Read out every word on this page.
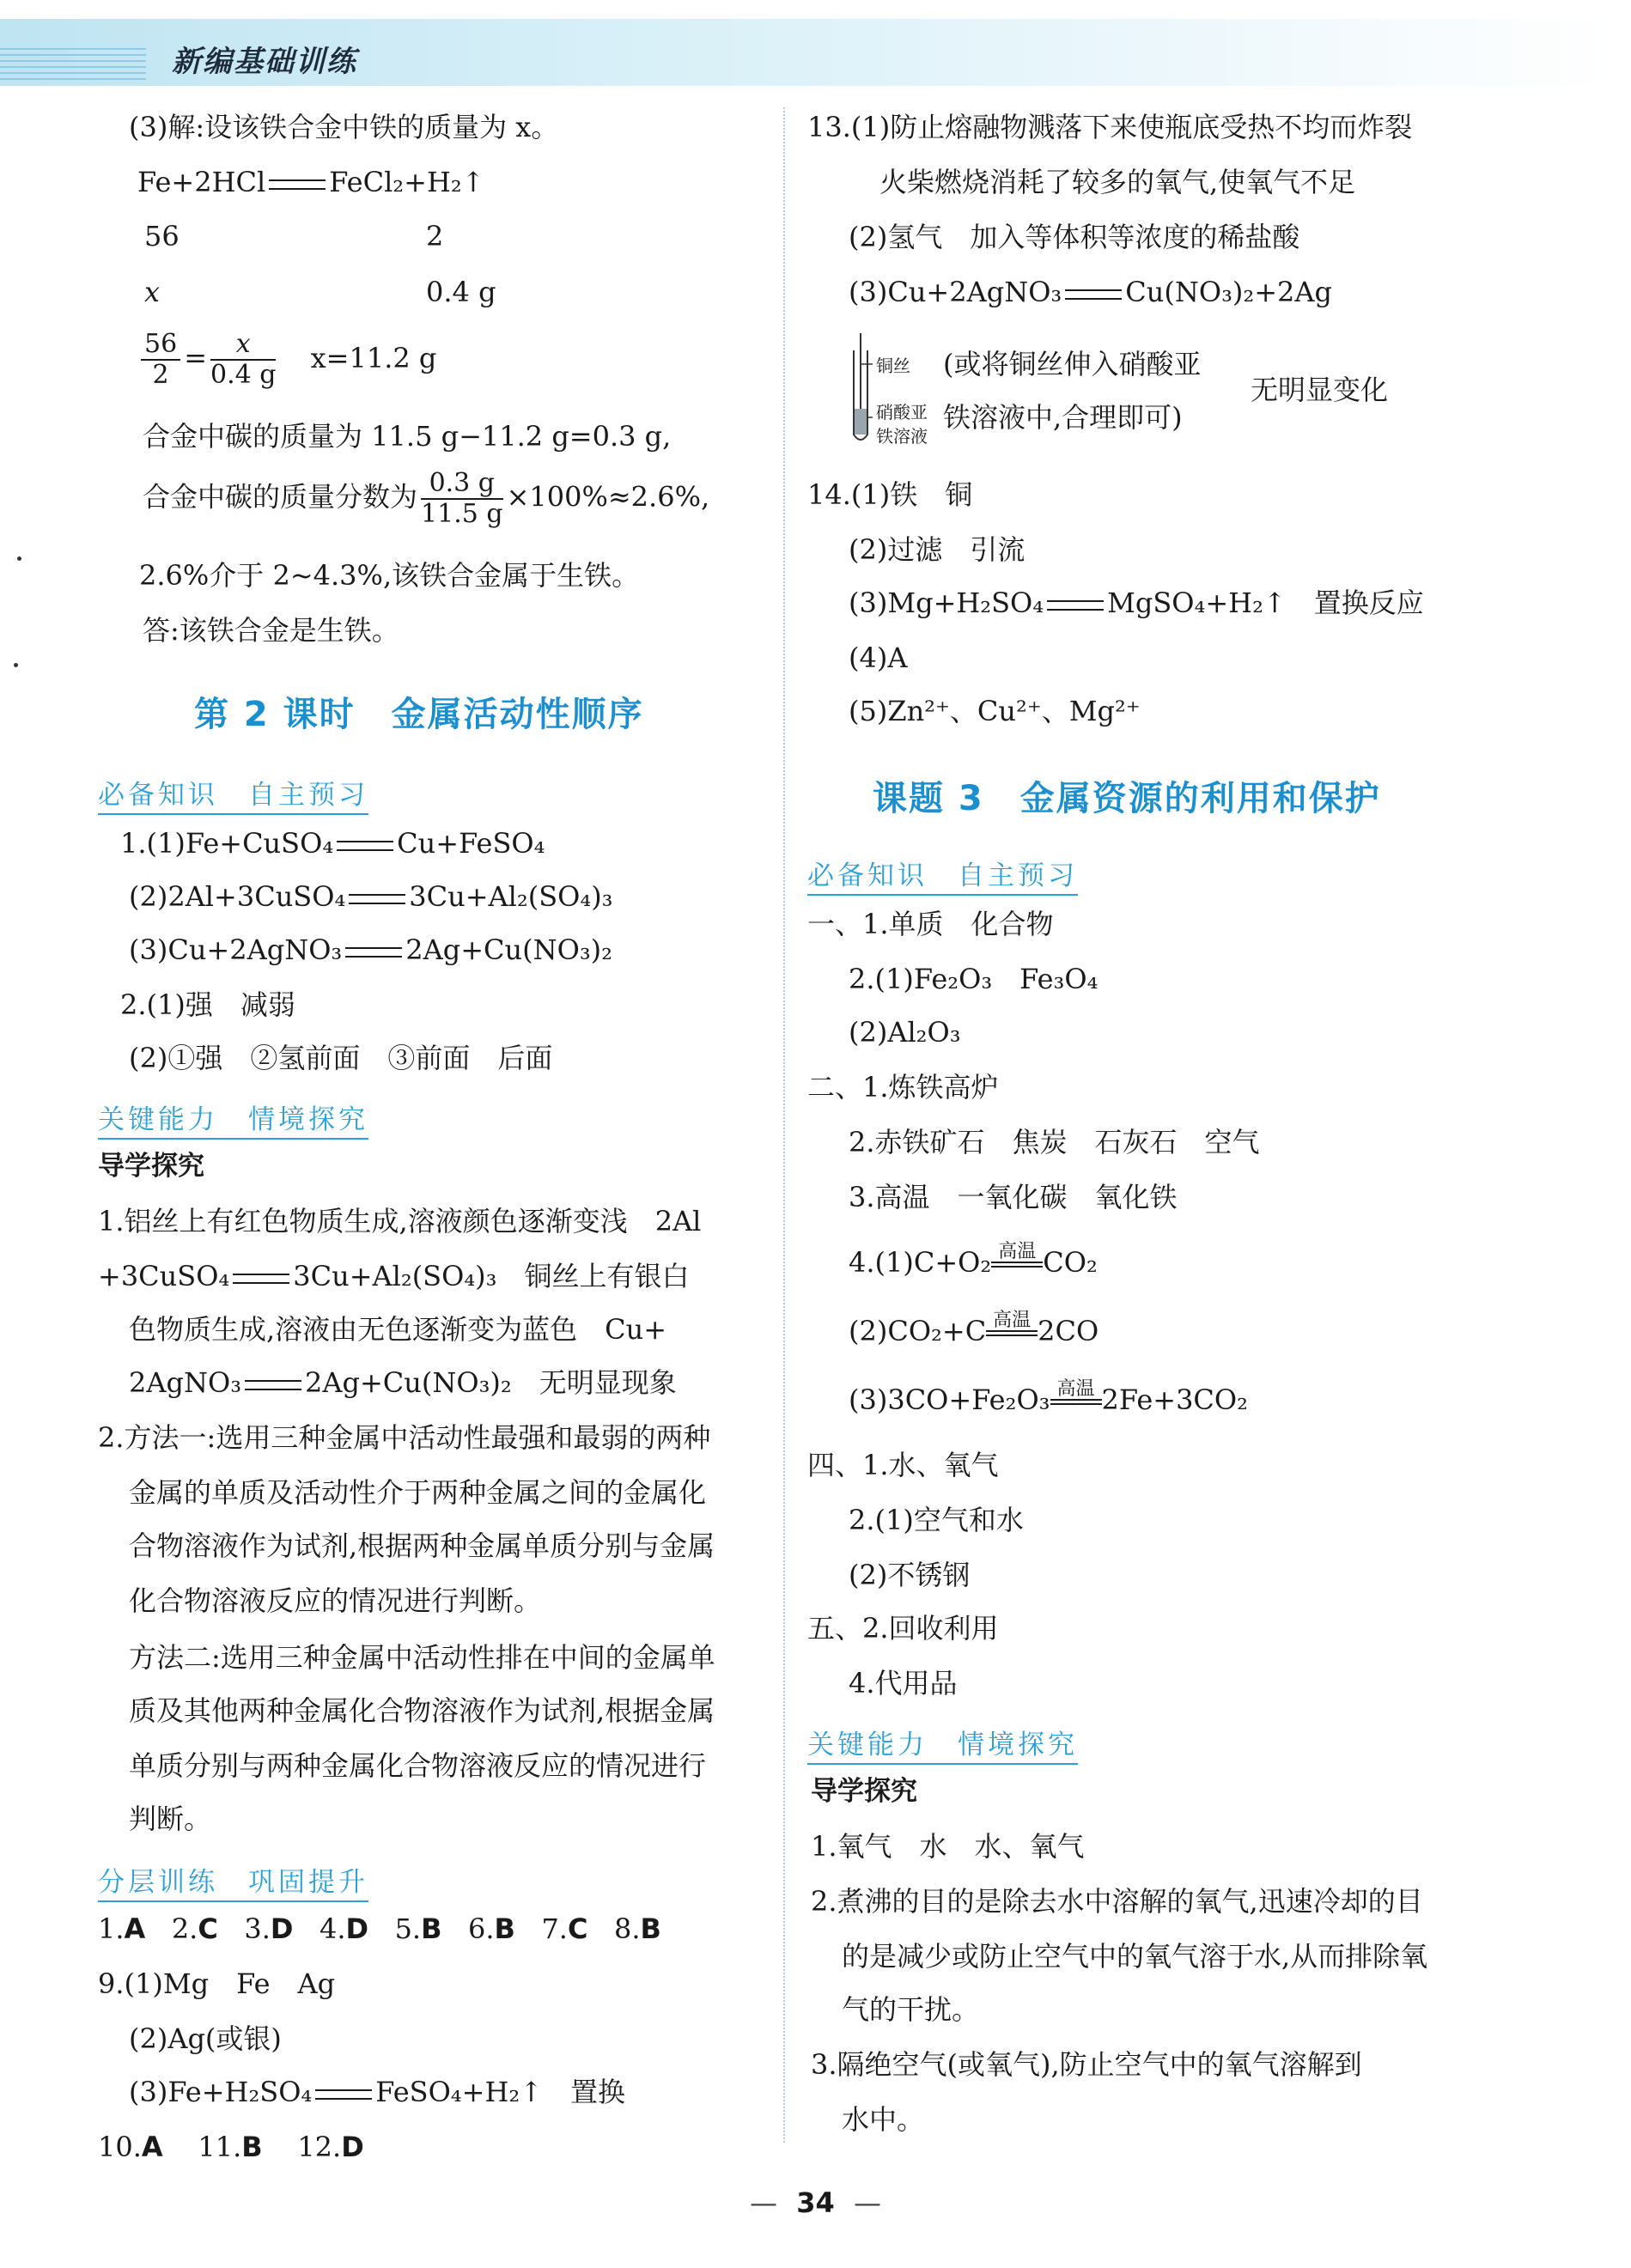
新编基础训练
(3)解:设该铁合金中铁的质量为 x。
Fe+2HCl FeCl₂+H₂↑
56	2
x	0.4 g
$\frac{56}{2} = \frac{x}{0.4 g} x=11.2$ g
合金中碳的质量为 11.5 g−11.2 g=0.3 g,
合金中碳的质量分数为 $\frac{0.3 g}{11.5 g} \times 100\%\approx 2.6\%$,
2.6%介于 2~4.3%,该铁合金属于生铁。
答:该铁合金是生铁。
第 2 课时　金属活动性顺序
必备知识　自主预习
1.(1)Fe+CuSO₄ Cu+FeSO₄
(2)2Al+3CuSO₄ 3Cu+Al₂(SO₄)₃
(3)Cu+2AgNO₃ 2Ag+Cu(NO₃)₂
2.(1)强　减弱
(2)①强　②氢前面　③前面　后面
关键能力　情境探究
导学探究
1.铝丝上有红色物质生成,溶液颜色逐渐变浅　2Al
+3CuSO₄ 3Cu+Al₂(SO₄)₃　铜丝上有银白
色物质生成,溶液由无色逐渐变为蓝色　Cu+
2AgNO₃ 2Ag+Cu(NO₃)₂　无明显现象
2.方法一:选用三种金属中活动性最强和最弱的两种
金属的单质及活动性介于两种金属之间的金属化
合物溶液作为试剂,根据两种金属单质分别与金属
化合物溶液反应的情况进行判断。
方法二:选用三种金属中活动性排在中间的金属单
质及其他两种金属化合物溶液作为试剂,根据金属
单质分别与两种金属化合物溶液反应的情况进行
判断。
分层训练　巩固提升
1.A 2.C 3.D 4.D 5.B 6.B 7.C 8.B
9.(1)Mg　Fe　Ag
(2)Ag(或银)
(3)Fe+H₂SO₄ FeSO₄+H₂↑　置换
10.A 11.B 12.D
13.(1)防止熔融物溅落下来使瓶底受热不均而炸裂
火柴燃烧消耗了较多的氧气,使氧气不足
(2)氢气　加入等体积等浓度的稀盐酸
(3)Cu+2AgNO₃ Cu(NO₃)₂+2Ag
铜丝
硝酸亚
铁溶液
(或将铜丝伸入硝酸亚
铁溶液中,合理即可)
无明显变化
14.(1)铁　铜
(2)过滤　引流
(3)Mg+H₂SO₄ MgSO₄+H₂↑　置换反应
(4)A
(5)Zn²⁺、Cu²⁺、Mg²⁺
课题 3　金属资源的利用和保护
必备知识　自主预习
一、1.单质　化合物
2.(1)Fe₂O₃　Fe₃O₄
(2)Al₂O₃
二、1.炼铁高炉
2.赤铁矿石　焦炭　石灰石　空气
3.高温　一氧化碳　氧化铁
4.(1)C+O₂ 高温 CO₂
(2)CO₂+C 高温 2CO
(3)3CO+Fe₂O₃ 高温 2Fe+3CO₂
四、1.水、氧气
2.(1)空气和水
(2)不锈钢
五、2.回收利用
4.代用品
关键能力　情境探究
导学探究
1.氧气　水　水、氧气
2.煮沸的目的是除去水中溶解的氧气,迅速冷却的目
的是减少或防止空气中的氧气溶于水,从而排除氧
气的干扰。
3.隔绝空气(或氧气),防止空气中的氧气溶解到
水中。
— 34 —
